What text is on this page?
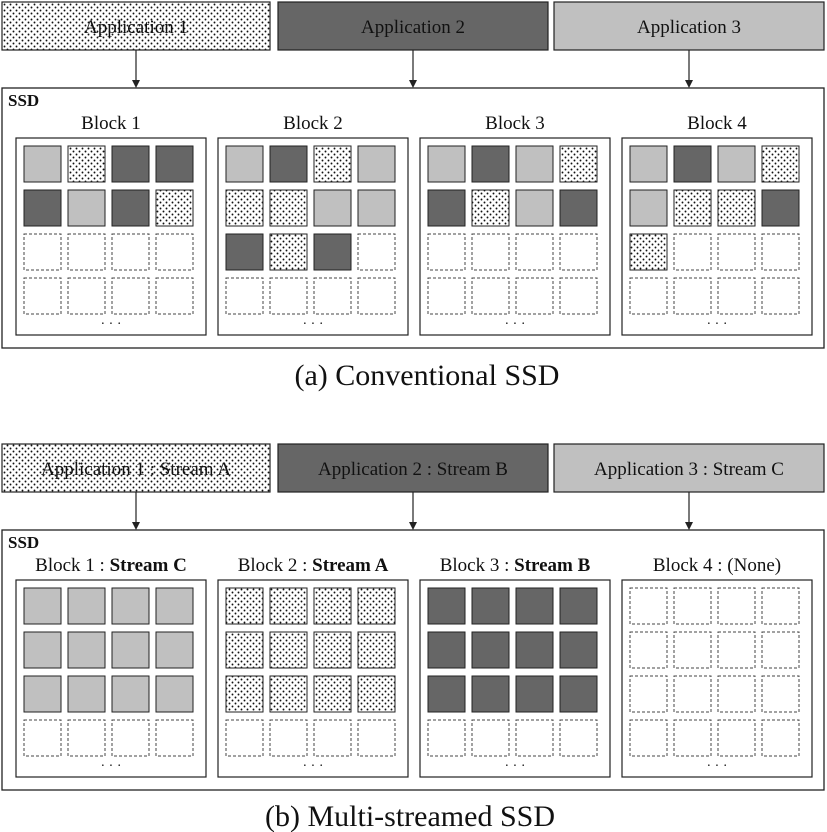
Application 1	Application 2	Application 3
SSD
Block 1
· · ·
Block 2
· · ·
Block 3
· · ·
Block 4
· · ·
Application 1 : Stream A	Application 2 : Stream B	Application 3 : Stream C
SSD
Block 1 : Stream C
· · ·
Block 2 : Stream A
· · ·
Block 3 : Stream B
· · ·
Block 4 : (None)
· · ·
(a) Conventional SSD
(b) Multi-streamed SSD
